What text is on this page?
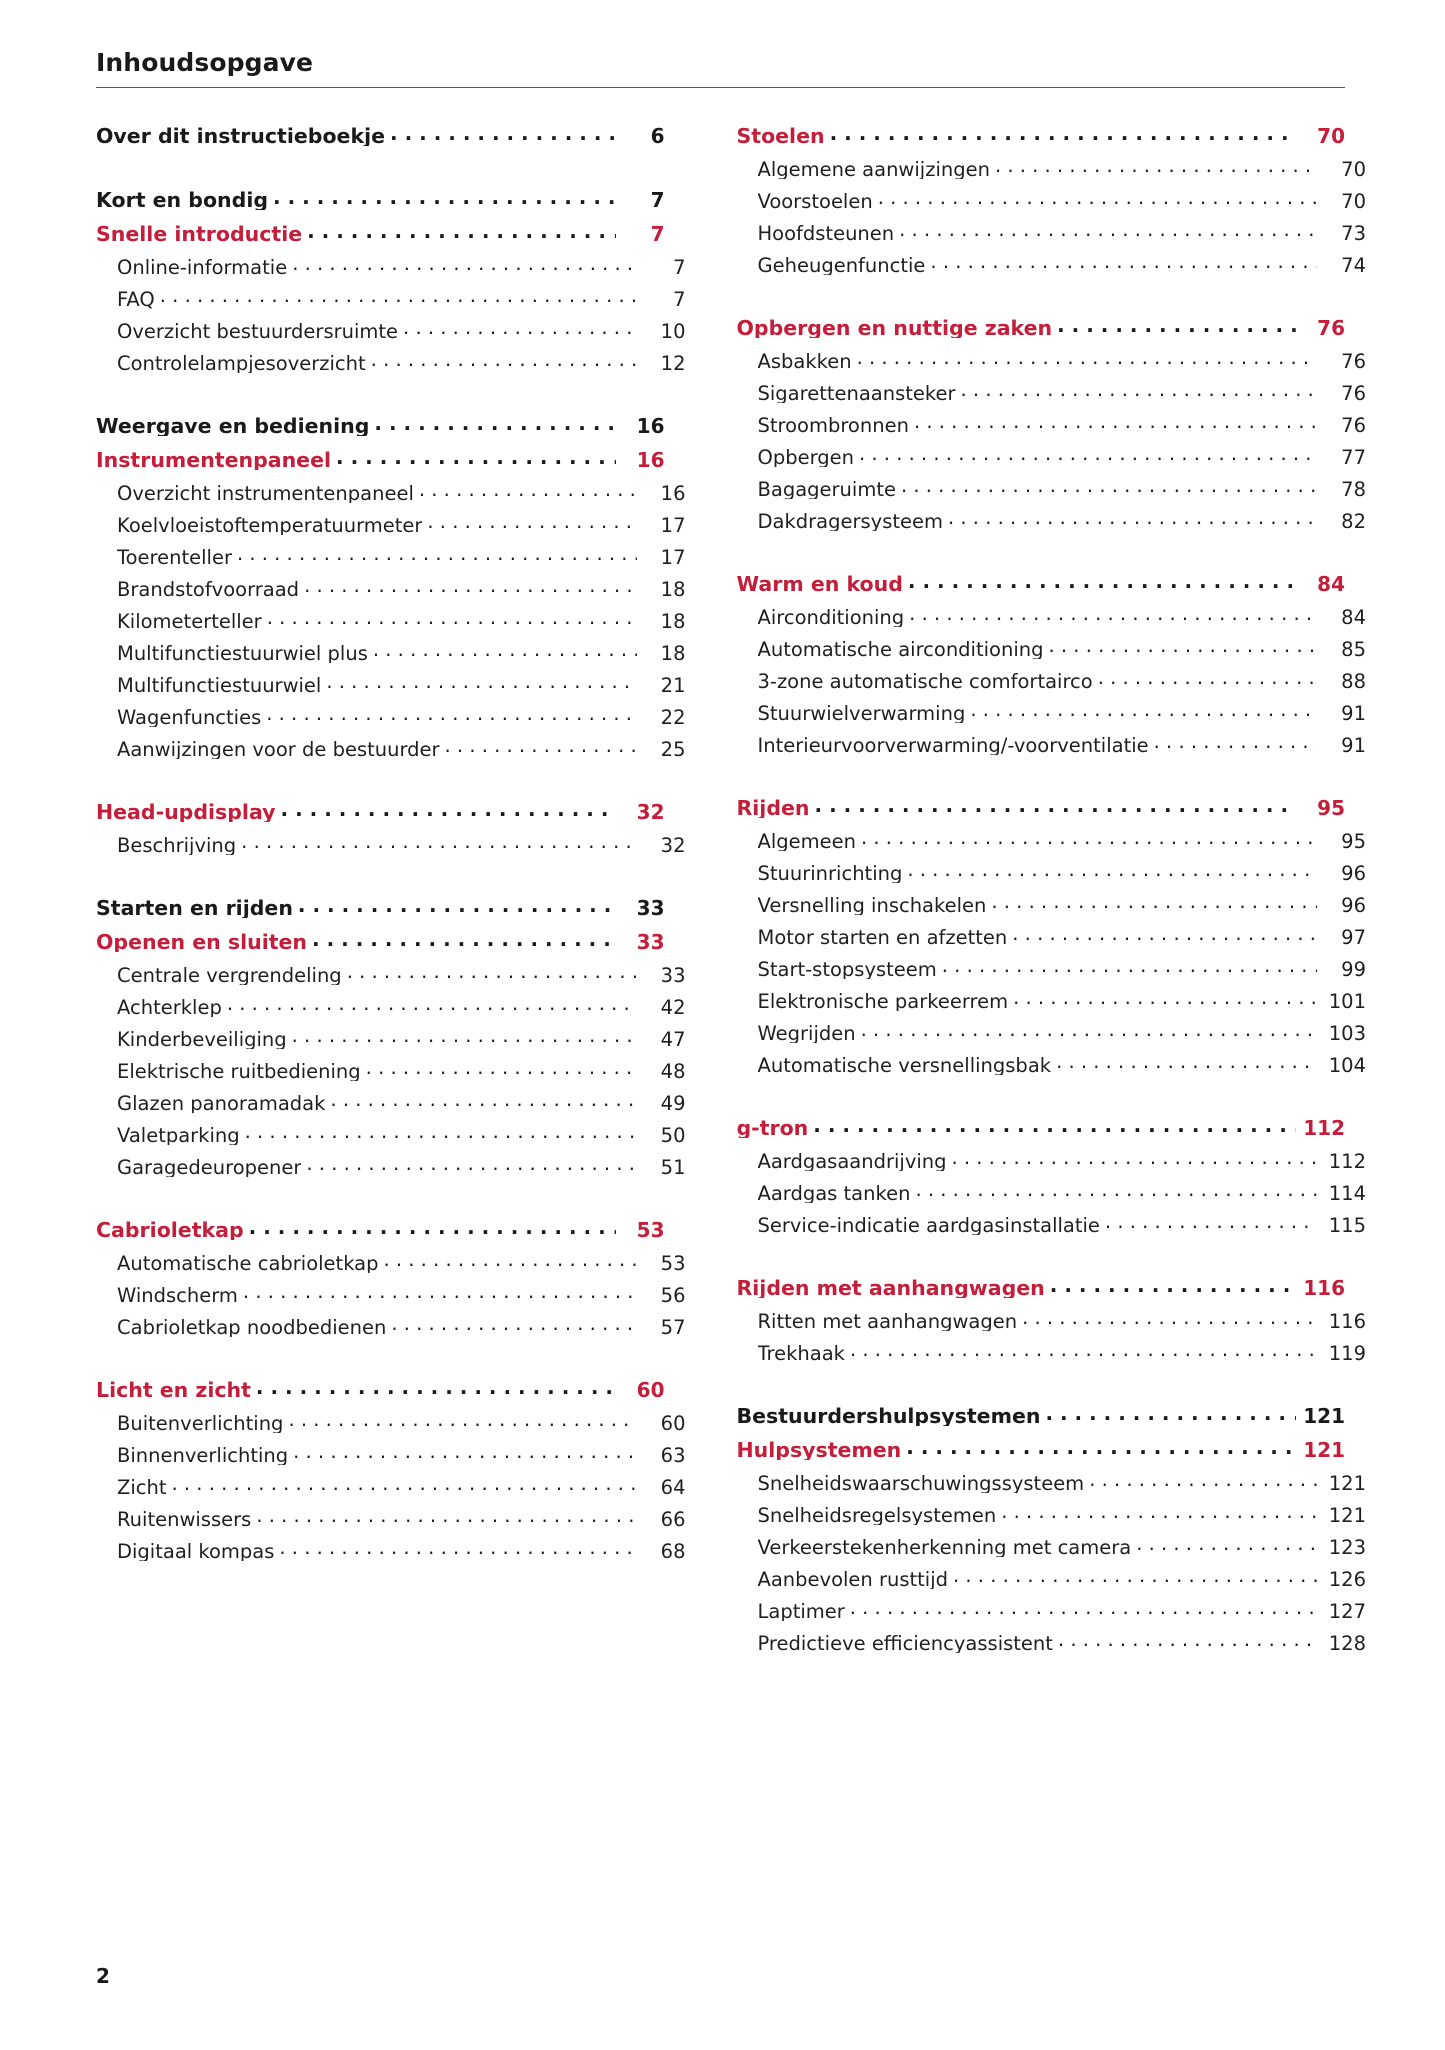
Inhoudsopgave
Over dit instructieboekje . . .	6
Kort en bondig . . .	7
Snelle introductie . . .	7
Online-informatie . . .	7
FAQ . . .	7
Overzicht bestuurdersruimte . . .	10
Controlelampjesoverzicht . . .	12
Weergave en bediening . . .	16
Instrumentenpaneel . . .	16
Overzicht instrumentenpaneel . . .	16
Koelvloeistoftemperatuurmeter . . .	17
Toerenteller . . .	17
Brandstofvoorraad . . .	18
Kilometerteller . . .	18
Multifunctiestuurwiel plus . . .	18
Multifunctiestuurwiel . . .	21
Wagenfuncties . . .	22
Aanwijzingen voor de bestuurder . . .	25
Head-updisplay . . .	32
Beschrijving . . .	32
Starten en rijden . . .	33
Openen en sluiten . . .	33
Centrale vergrendeling . . .	33
Achterklep . . .	42
Kinderbeveiliging . . .	47
Elektrische ruitbediening . . .	48
Glazen panoramadak . . .	49
Valetparking . . .	50
Garagedeuropener . . .	51
Cabrioletkap . . .	53
Automatische cabrioletkap . . .	53
Windscherm . . .	56
Cabrioletkap noodbedienen . . .	57
Licht en zicht . . .	60
Buitenverlichting . . .	60
Binnenverlichting . . .	63
Zicht . . .	64
Ruitenwissers . . .	66
Digitaal kompas . . .	68
Stoelen . . .	70
Algemene aanwijzingen . . .	70
Voorstoelen . . .	70
Hoofdsteunen . . .	73
Geheugenfunctie . . .	74
Opbergen en nuttige zaken . . .	76
Asbakken . . .	76
Sigarettenaansteker . . .	76
Stroombronnen . . .	76
Opbergen . . .	77
Bagageruimte . . .	78
Dakdragersysteem . . .	82
Warm en koud . . .	84
Airconditioning . . .	84
Automatische airconditioning . . .	85
3-zone automatische comfortairco . . .	88
Stuurwielverwarming . . .	91
Interieurvoorverwarming/-voorventilatie . . .	91
Rijden . . .	95
Algemeen . . .	95
Stuurinrichting . . .	96
Versnelling inschakelen . . .	96
Motor starten en afzetten . . .	97
Start-stopsysteem . . .	99
Elektronische parkeerrem . . .	101
Wegrijden . . .	103
Automatische versnellingsbak . . .	104
g-tron . . .	112
Aardgasaandrijving . . .	112
Aardgas tanken . . .	114
Service-indicatie aardgasinstallatie . . .	115
Rijden met aanhangwagen . . .	116
Ritten met aanhangwagen . . .	116
Trekhaak . . .	119
Bestuurdershulpsystemen . . .	121
Hulpsystemen . . .	121
Snelheidswaarschuwingssysteem . . .	121
Snelheidsregelsystemen . . .	121
Verkeerstekenherkenning met camera . . .	123
Aanbevolen rusttijd . . .	126
Laptimer . . .	127
Predictieve efficiencyassistent . . .	128
2
